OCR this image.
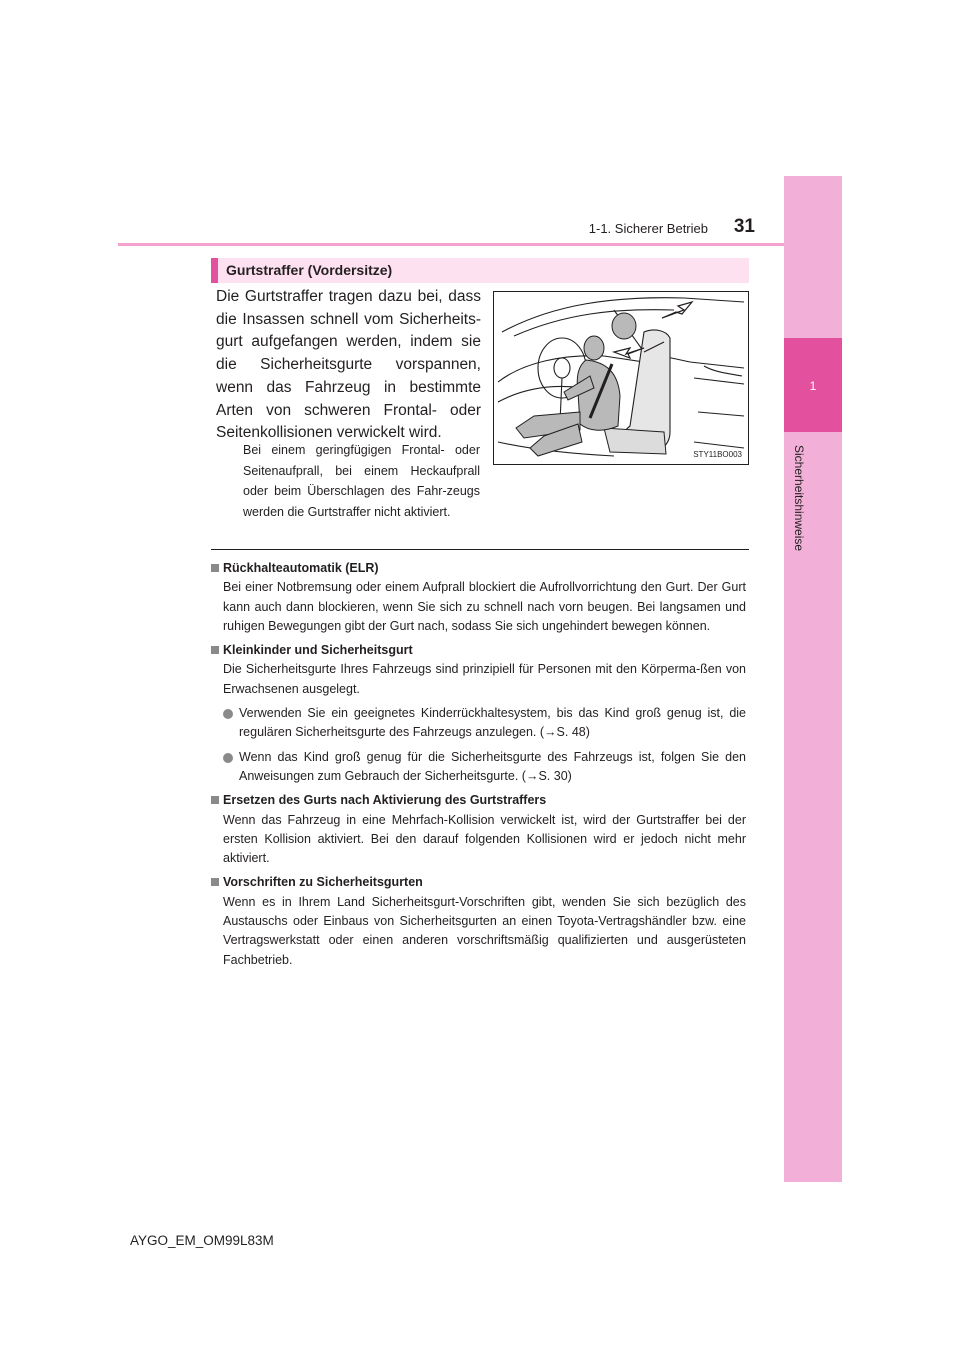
1-1. Sicherer Betrieb	31
1
Sicherheitshinweise
Gurtstraffer (Vordersitze)
Die Gurtstraffer tragen dazu bei, dass die Insassen schnell vom Sicherheits-gurt aufgefangen werden, indem sie die Sicherheitsgurte vorspannen, wenn das Fahrzeug in bestimmte Arten von schweren Frontal- oder Seitenkollisionen verwickelt wird.
Bei einem geringfügigen Frontal- oder Seitenaufprall, bei einem Heckaufprall oder beim Überschlagen des Fahr-zeugs werden die Gurtstraffer nicht aktiviert.
STY11BO003
Rückhalteautomatik (ELR)
Bei einer Notbremsung oder einem Aufprall blockiert die Aufrollvorrichtung den Gurt. Der Gurt kann auch dann blockieren, wenn Sie sich zu schnell nach vorn beugen. Bei langsamen und ruhigen Bewegungen gibt der Gurt nach, sodass Sie sich ungehindert bewegen können.
Kleinkinder und Sicherheitsgurt
Die Sicherheitsgurte Ihres Fahrzeugs sind prinzipiell für Personen mit den Körperma-ßen von Erwachsenen ausgelegt.
Verwenden Sie ein geeignetes Kinderrückhaltesystem, bis das Kind groß genug ist, die regulären Sicherheitsgurte des Fahrzeugs anzulegen. (→S. 48)
Wenn das Kind groß genug für die Sicherheitsgurte des Fahrzeugs ist, folgen Sie den Anweisungen zum Gebrauch der Sicherheitsgurte. (→S. 30)
Ersetzen des Gurts nach Aktivierung des Gurtstraffers
Wenn das Fahrzeug in eine Mehrfach-Kollision verwickelt ist, wird der Gurtstraffer bei der ersten Kollision aktiviert. Bei den darauf folgenden Kollisionen wird er jedoch nicht mehr aktiviert.
Vorschriften zu Sicherheitsgurten
Wenn es in Ihrem Land Sicherheitsgurt-Vorschriften gibt, wenden Sie sich bezüglich des Austauschs oder Einbaus von Sicherheitsgurten an einen Toyota-Vertragshändler bzw. eine Vertragswerkstatt oder einen anderen vorschriftsmäßig qualifizierten und ausgerüsteten Fachbetrieb.
AYGO_EM_OM99L83M
